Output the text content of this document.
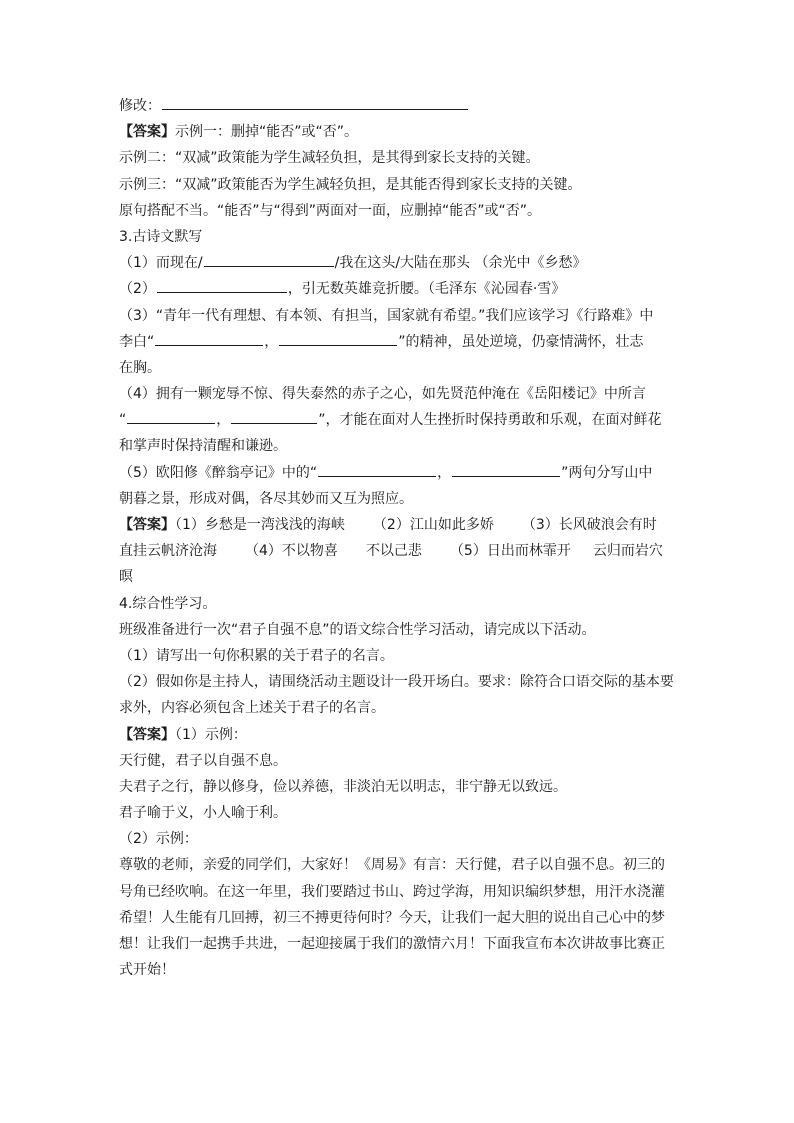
修改：
【答案】示例一：删掉“能否”或“否”。
示例二：“双减”政策能为学生减轻负担，是其得到家长支持的关键。
示例三：“双减”政策能否为学生减轻负担，是其能否得到家长支持的关键。
原句搭配不当。“能否”与“得到”两面对一面，应删掉“能否”或“否”。
3.古诗文默写
（1）而现在/	/我在这头/大陆在那头 （余光中《乡愁》
（2）	，引无数英雄竞折腰。（毛泽东《沁园春·雪》
（3）“青年一代有理想、有本领、有担当，国家就有希望。”我们应该学习《行路难》中
李白“	，	”的精神，虽处逆境，仍豪情满怀，壮志
在胸。
（4）拥有一颗宠辱不惊、得失泰然的赤子之心，如先贤范仲淹在《岳阳楼记》中所言
“	，	”，才能在面对人生挫折时保持勇敢和乐观，在面对鲜花
和掌声时保持清醒和谦逊。
（5）欧阳修《醉翁亭记》中的“	，	”两句分写山中
朝暮之景，形成对偶，各尽其妙而又互为照应。
【答案】（1）乡愁是一湾浅浅的海峡 （2）江山如此多娇 （3）长风破浪会有时
直挂云帆济沧海 （4）不以物喜 不以己悲 （5）日出而林霏开 云归而岩穴
暝
4.综合性学习。
班级准备进行一次“君子自强不息”的语文综合性学习活动，请完成以下活动。
（1）请写出一句你积累的关于君子的名言。
（2）假如你是主持人，请围绕活动主题设计一段开场白。要求：除符合口语交际的基本要
求外，内容必须包含上述关于君子的名言。
【答案】（1）示例：
天行健，君子以自强不息。
夫君子之行，静以修身，俭以养德，非淡泊无以明志，非宁静无以致远。
君子喻于义，小人喻于利。
（2）示例：
尊敬的老师，亲爱的同学们，大家好！《周易》有言：天行健，君子以自强不息。初三的
号角已经吹响。在这一年里，我们要踏过书山、跨过学海，用知识编织梦想，用汗水浇灌
希望！人生能有几回搏，初三不搏更待何时？今天，让我们一起大胆的说出自己心中的梦
想！让我们一起携手共进，一起迎接属于我们的激情六月！下面我宣布本次讲故事比赛正
式开始！
